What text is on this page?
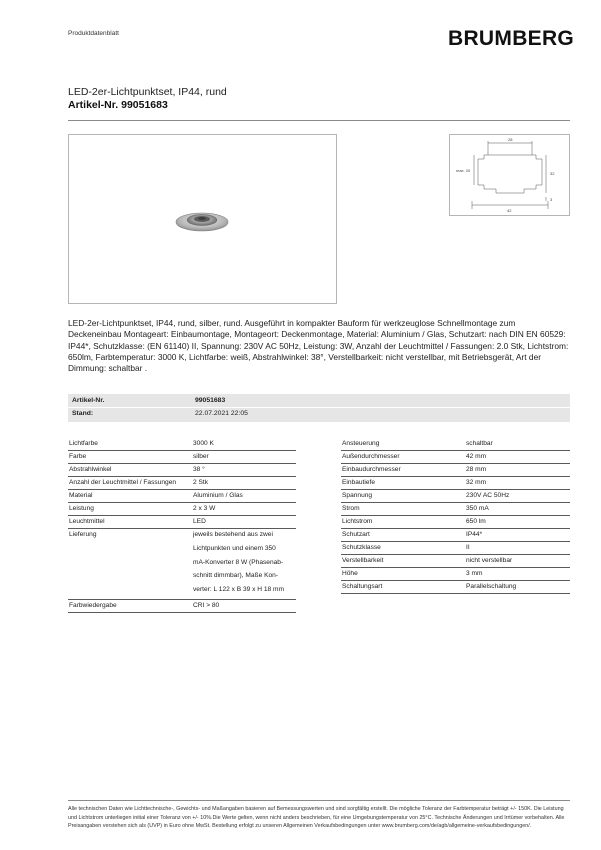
Produktdatenblatt	BRUMBERG
LED-2er-Lichtpunktset, IP44, rund
Artikel-Nr. 99051683
28
max. 20
32
3
42
LED-2er-Lichtpunktset, IP44, rund, silber, rund. Ausgeführt in kompakter Bauform für werkzeuglose Schnellmontage zum Deckeneinbau Montageart: Einbaumontage, Montageort: Deckenmontage, Material: Aluminium / Glas, Schutzart: nach DIN EN 60529: IP44*, Schutzklasse: (EN 61140) II, Spannung: 230V AC 50Hz, Leistung: 3W, Anzahl der Leuchtmittel / Fassungen: 2.0 Stk, Lichtstrom: 650lm, Farbtemperatur: 3000 K, Lichtfarbe: weiß, Abstrahlwinkel: 38°, Verstellbarkeit: nicht verstellbar, mit Betriebsgerät, Art der Dimmung: schaltbar .
Artikel-Nr.	99051683
Stand:	22.07.2021 22:05
Lichtfarbe	3000 K
Farbe	silber
Abstrahlwinkel	38 °
Anzahl der Leuchtmittel / Fassungen	2 Stk
Material	Aluminium / Glas
Leistung	2 x 3 W
Leuchtmittel	LED
Lieferung	jeweils bestehend aus zwei
Lichtpunkten und einem 350
mA-Konverter 8 W (Phasenab-
schnitt dimmbar), Maße Kon-
verter: L 122 x B 39 x H 18 mm
Farbwiedergabe	CRI > 80
Ansteuerung	schaltbar
Außendurchmesser	42 mm
Einbaudurchmesser	28 mm
Einbautiefe	32 mm
Spannung	230V AC 50Hz
Strom	350 mA
Lichtstrom	650 lm
Schutzart	IP44*
Schutzklasse	II
Verstellbarkeit	nicht verstellbar
Höhe	3 mm
Schaltungsart	Parallelschaltung
Alle technischen Daten wie Lichttechnische-, Gewichts- und Maßangaben basieren auf Bemessungswerten und sind sorgfältig erstellt. Die mögliche Toleranz der Farbtemperatur beträgt +/- 150K. Die Leistung und Lichtstrom unterliegen initial einer Toleranz von +/- 10%.Die Werte gelten, wenn nicht anders beschrieben, für eine Umgebungstemperatur von 25°C. Technische Änderungen und Irrtümer vorbehalten. Alle Preisangaben verstehen sich als (UVP) in Euro ohne MwSt. Bestellung erfolgt zu unseren Allgemeinen Verkaufsbedingungen unter www.brumberg.com/de/agb/allgemeine-verkaufsbedingungen/.
